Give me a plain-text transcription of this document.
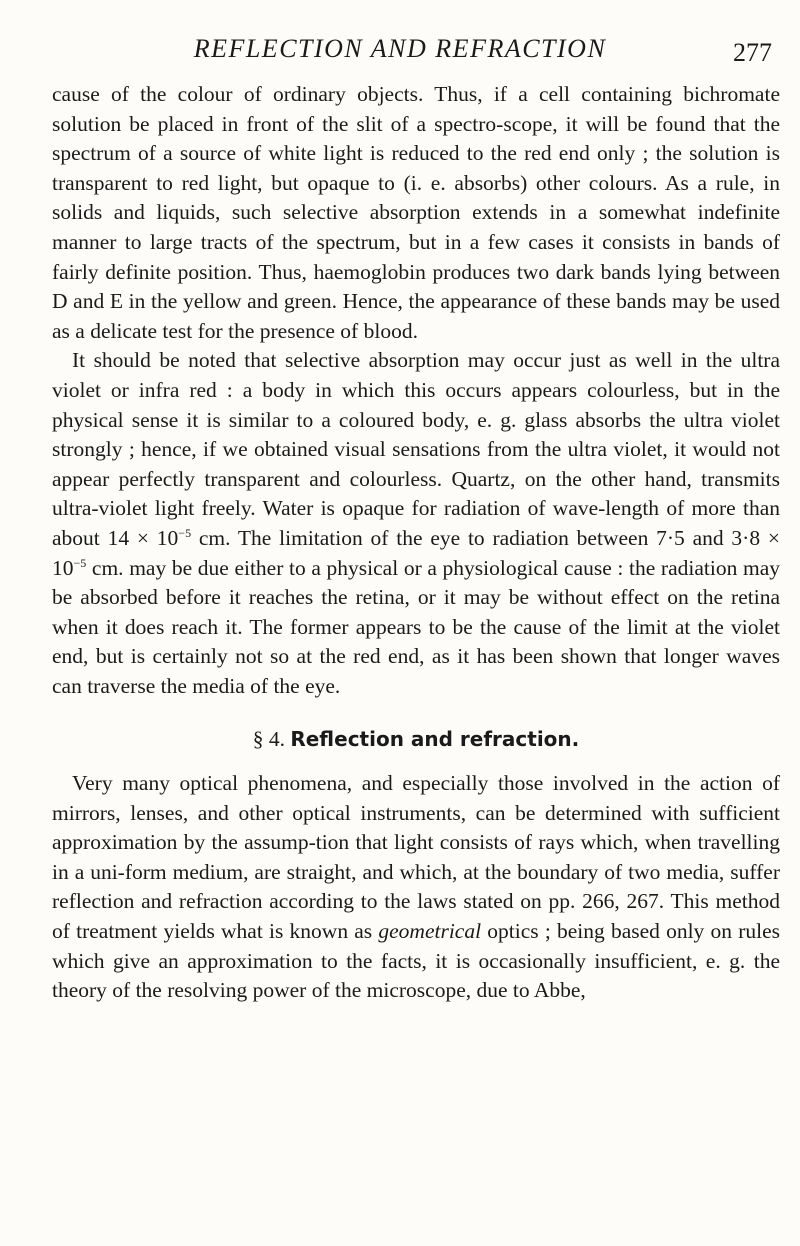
REFLECTION AND REFRACTION	277

cause of the colour of ordinary objects. Thus, if a cell containing bichromate solution be placed in front of the slit of a spectro-scope, it will be found that the spectrum of a source of white light is reduced to the red end only ; the solution is transparent to red light, but opaque to (i. e. absorbs) other colours. As a rule, in solids and liquids, such selective absorption extends in a somewhat indefinite manner to large tracts of the spectrum, but in a few cases it consists in bands of fairly definite position. Thus, haemoglobin produces two dark bands lying between D and E in the yellow and green. Hence, the appearance of these bands may be used as a delicate test for the presence of blood.

It should be noted that selective absorption may occur just as well in the ultra violet or infra red : a body in which this occurs appears colourless, but in the physical sense it is similar to a coloured body, e. g. glass absorbs the ultra violet strongly ; hence, if we obtained visual sensations from the ultra violet, it would not appear perfectly transparent and colourless. Quartz, on the other hand, transmits ultra-violet light freely. Water is opaque for radiation of wave-length of more than about $14 \times 10^{-5}$ cm. The limitation of the eye to radiation between 7·5 and $3\cdot 8 \times 10^{-5}$ cm. may be due either to a physical or a physiological cause : the radiation may be absorbed before it reaches the retina, or it may be without effect on the retina when it does reach it. The former appears to be the cause of the limit at the violet end, but is certainly not so at the red end, as it has been shown that longer waves can traverse the media of the eye.

§ 4. Reflection and refraction.

Very many optical phenomena, and especially those involved in the action of mirrors, lenses, and other optical instruments, can be determined with sufficient approximation by the assump-tion that light consists of rays which, when travelling in a uni-form medium, are straight, and which, at the boundary of two media, suffer reflection and refraction according to the laws stated on pp. 266, 267. This method of treatment yields what is known as geometrical optics ; being based only on rules which give an approximation to the facts, it is occasionally insufficient, e. g. the theory of the resolving power of the microscope, due to Abbe,
